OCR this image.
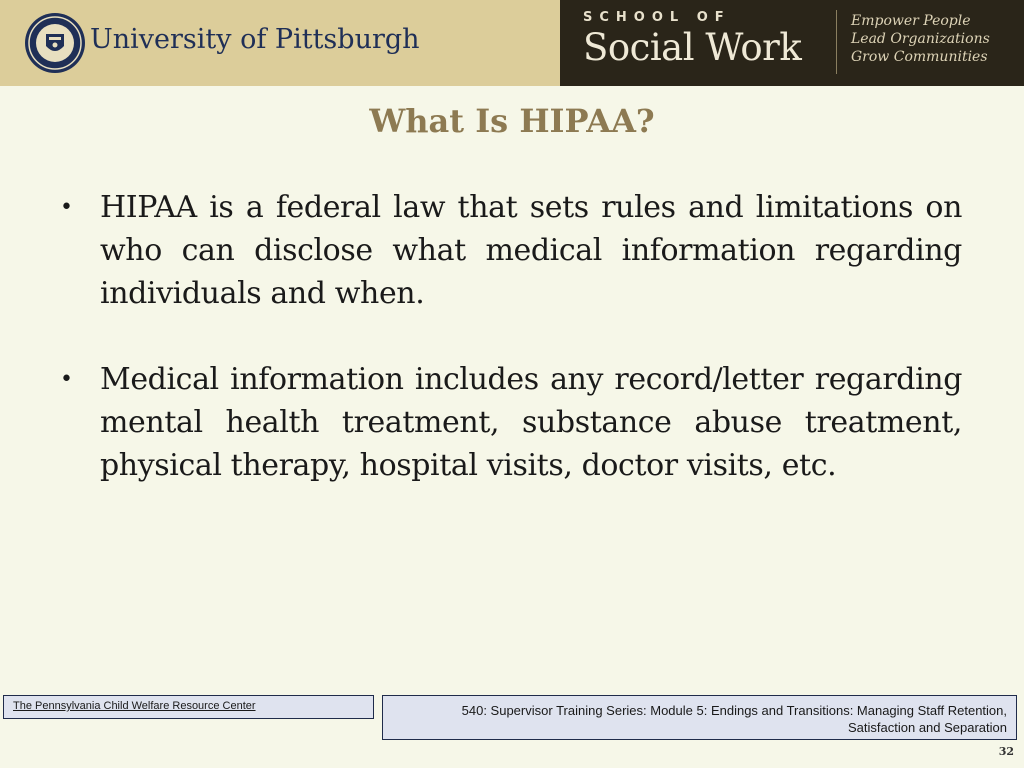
University of Pittsburgh
SCHOOL OF
Social Work
Empower People
Lead Organizations
Grow Communities
What Is HIPAA?
• HIPAA is a federal law that sets rules and limitations on who can disclose what medical information regarding individuals and when.
• Medical information includes any record/letter regarding mental health treatment, substance abuse treatment, physical therapy, hospital visits, doctor visits, etc.
The Pennsylvania Child Welfare Resource Center	540: Supervisor Training Series: Module 5: Endings and Transitions: Managing Staff Retention, Satisfaction and Separation
32
